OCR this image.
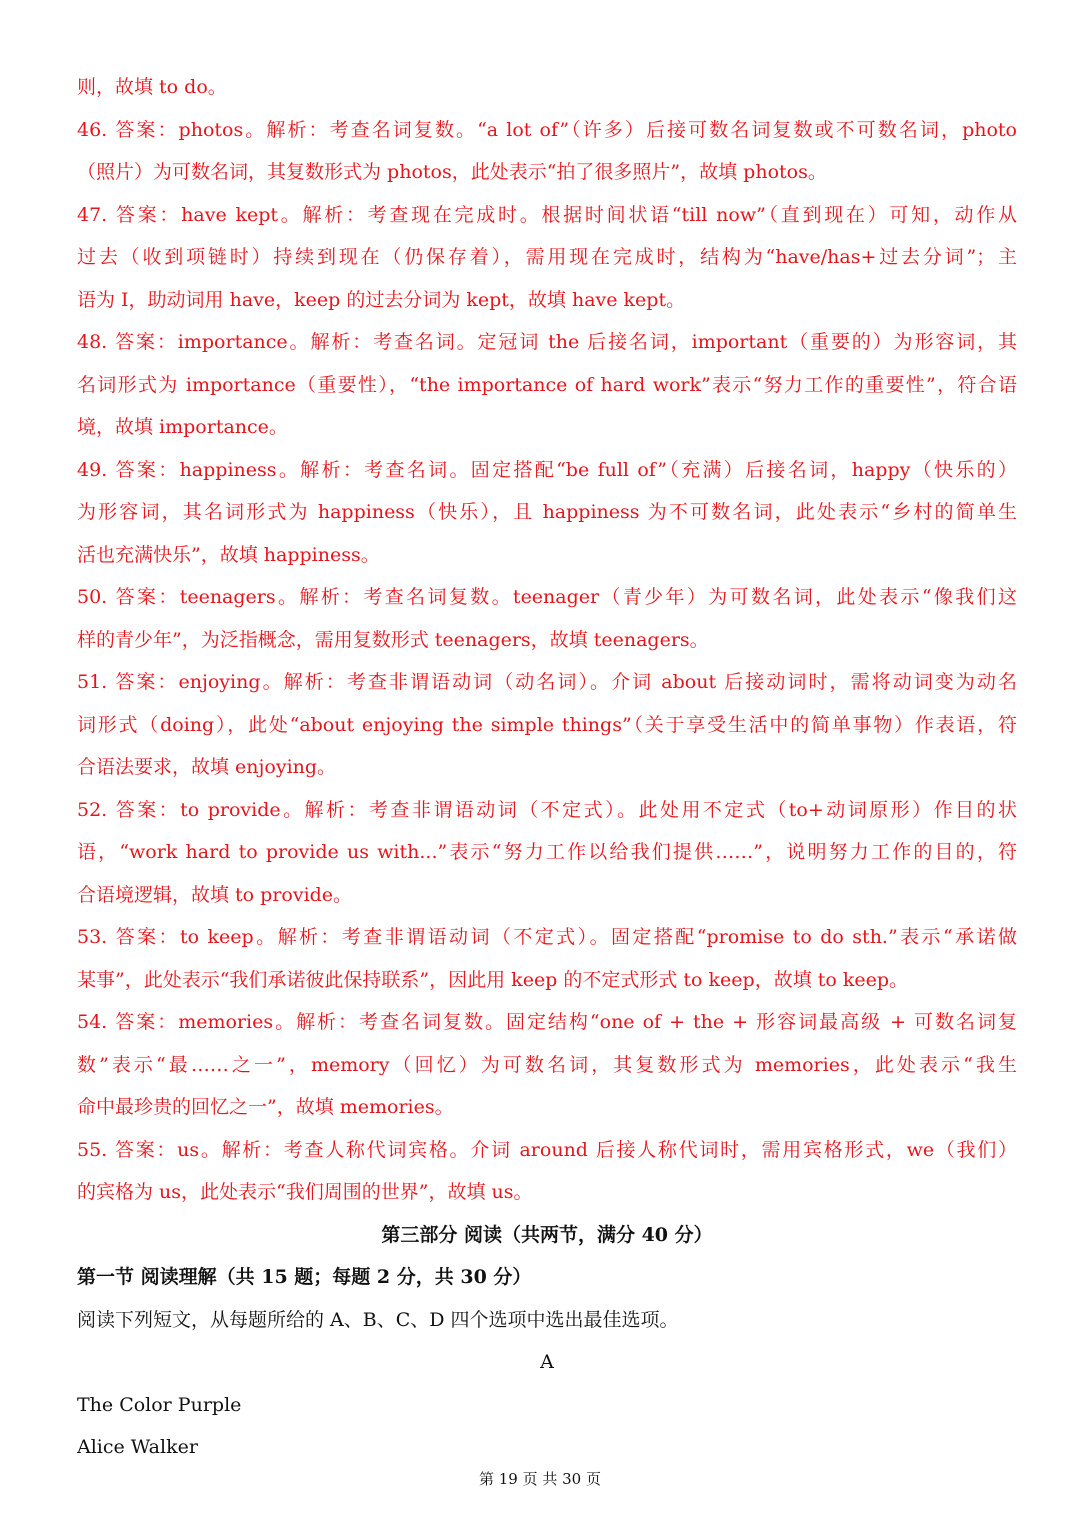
则，故填 to do。
46. 答案：photos。解析：考查名词复数。“a lot of”（许多）后接可数名词复数或不可数名词，photo
（照片）为可数名词，其复数形式为 photos，此处表示“拍了很多照片”，故填 photos。
47. 答案：have kept。解析：考查现在完成时。根据时间状语“till now”（直到现在）可知，动作从
过去（收到项链时）持续到现在（仍保存着），需用现在完成时，结构为“have/has+过去分词”；主
语为 I，助动词用 have，keep 的过去分词为 kept，故填 have kept。
48. 答案：importance。解析：考查名词。定冠词 the 后接名词，important（重要的）为形容词，其
名词形式为 importance（重要性），“the importance of hard work”表示“努力工作的重要性”，符合语
境，故填 importance。
49. 答案：happiness。解析：考查名词。固定搭配“be full of”（充满）后接名词，happy（快乐的）
为形容词，其名词形式为 happiness（快乐），且 happiness 为不可数名词，此处表示“乡村的简单生
活也充满快乐”，故填 happiness。
50. 答案：teenagers。解析：考查名词复数。teenager（青少年）为可数名词，此处表示“像我们这
样的青少年”，为泛指概念，需用复数形式 teenagers，故填 teenagers。
51. 答案：enjoying。解析：考查非谓语动词（动名词）。介词 about 后接动词时，需将动词变为动名
词形式（doing），此处“about enjoying the simple things”（关于享受生活中的简单事物）作表语，符
合语法要求，故填 enjoying。
52. 答案：to provide。解析：考查非谓语动词（不定式）。此处用不定式（to+动词原形）作目的状
语，“work hard to provide us with...”表示“努力工作以给我们提供……”，说明努力工作的目的，符
合语境逻辑，故填 to provide。
53. 答案：to keep。解析：考查非谓语动词（不定式）。固定搭配“promise to do sth.”表示“承诺做
某事”，此处表示“我们承诺彼此保持联系”，因此用 keep 的不定式形式 to keep，故填 to keep。
54. 答案：memories。解析：考查名词复数。固定结构“one of + the + 形容词最高级 + 可数名词复
数”表示“最……之一”，memory（回忆）为可数名词，其复数形式为 memories，此处表示“我生
命中最珍贵的回忆之一”，故填 memories。
55. 答案：us。解析：考查人称代词宾格。介词 around 后接人称代词时，需用宾格形式，we（我们）
的宾格为 us，此处表示“我们周围的世界”，故填 us。
第三部分 阅读（共两节，满分 40 分）
第一节 阅读理解（共 15 题；每题 2 分，共 30 分）
阅读下列短文，从每题所给的 A、B、C、D 四个选项中选出最佳选项。
A
The Color Purple
Alice Walker
第 19 页 共 30 页
